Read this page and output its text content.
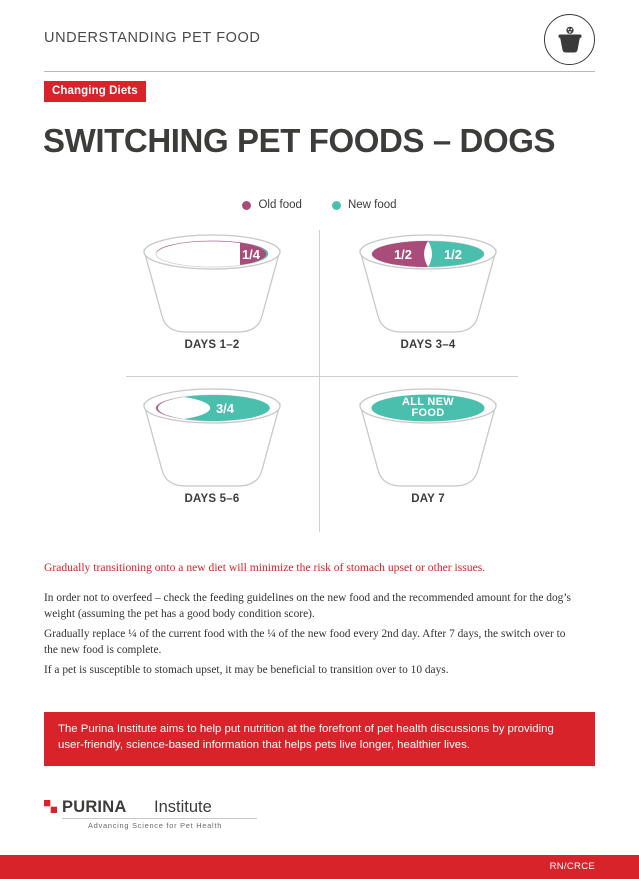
UNDERSTANDING PET FOOD
Changing Diets
SWITCHING PET FOODS – DOGS
Old food	New food
3/4	1/4
DAYS 1–2
1/2 1/2
DAYS 3–4
1/4	3/4
DAYS 5–6
ALL NEW
FOOD
DAY 7
Gradually transitioning onto a new diet will minimize the risk of stomach upset or other issues.
In order not to overfeed – check the feeding guidelines on the new food and the recommended amount for the dog’s weight (assuming the pet has a good body condition score).
Gradually replace ¼ of the current food with the ¼ of the new food every 2nd day. After 7 days, the switch over to the new food is complete.
If a pet is susceptible to stomach upset, it may be beneficial to transition over to 10 days.
The Purina Institute aims to help put nutrition at the forefront of pet health discussions by providing user-friendly, science-based information that helps pets live longer, healthier lives.
PURINA Institute
Advancing Science for Pet Health
RN/CRCE
